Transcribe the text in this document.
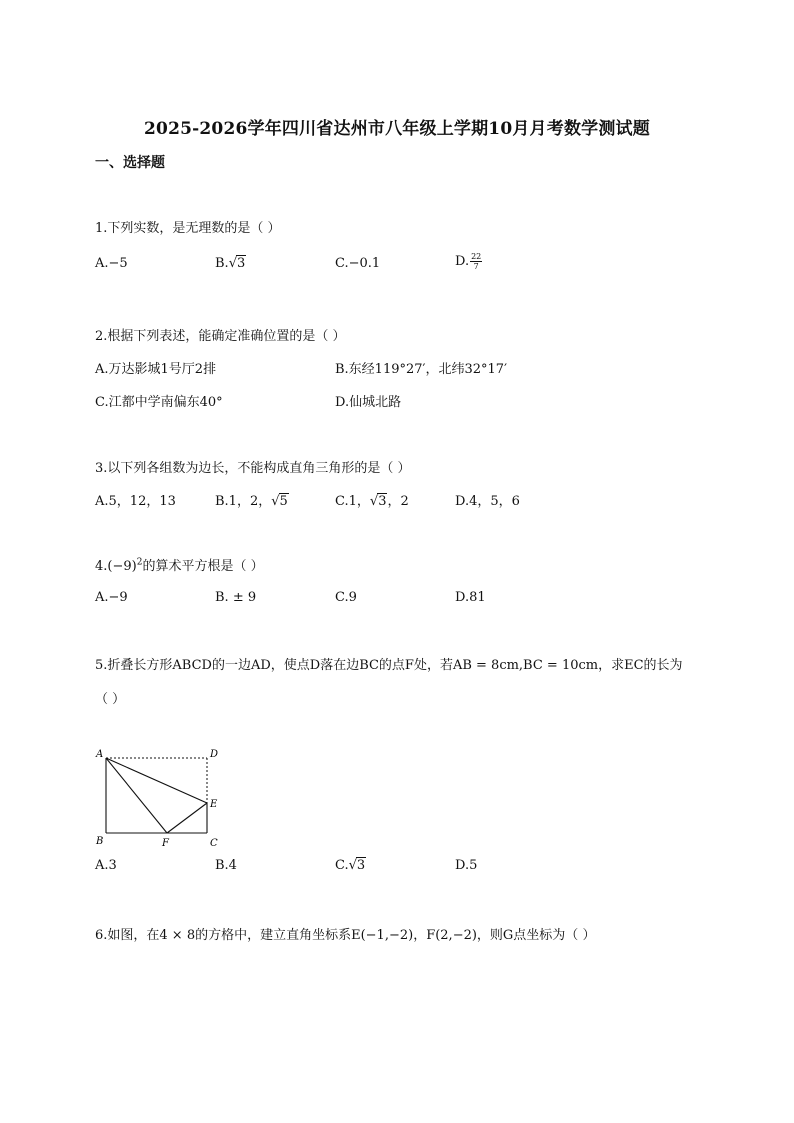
2025-2026学年四川省达州市八年级上学期10月月考数学测试题
一、选择题
1.下列实数，是无理数的是（ ）
A.−5	B.√3	C.−0.1	D. $\frac{22}{7}$
2.根据下列表述，能确定准确位置的是（ ）
A.万达影城1号厅2排	B.东经119°27′，北纬32°17′
C.江都中学南偏东40°	D.仙城北路
3.以下列各组数为边长，不能构成直角三角形的是（ ）
A.5，12，13	B.1，2，√5	C.1，√3，2	D.4，5，6
$4.(-9)^2$的算术平方根是（ ）
A.−9	B. ± 9	C.9	D.81
5.折叠长方形ABCD的一边AD，使点D落在边BC的点F处，若AB = 8cm,BC = 10cm，求EC的长为
（ ）
A	D
E
B	F	C
A.3	B.4	C.√3	D.5
6.如图，在4 × 8的方格中，建立直角坐标系E(−1,−2)，F(2,−2)，则G点坐标为（ ）
